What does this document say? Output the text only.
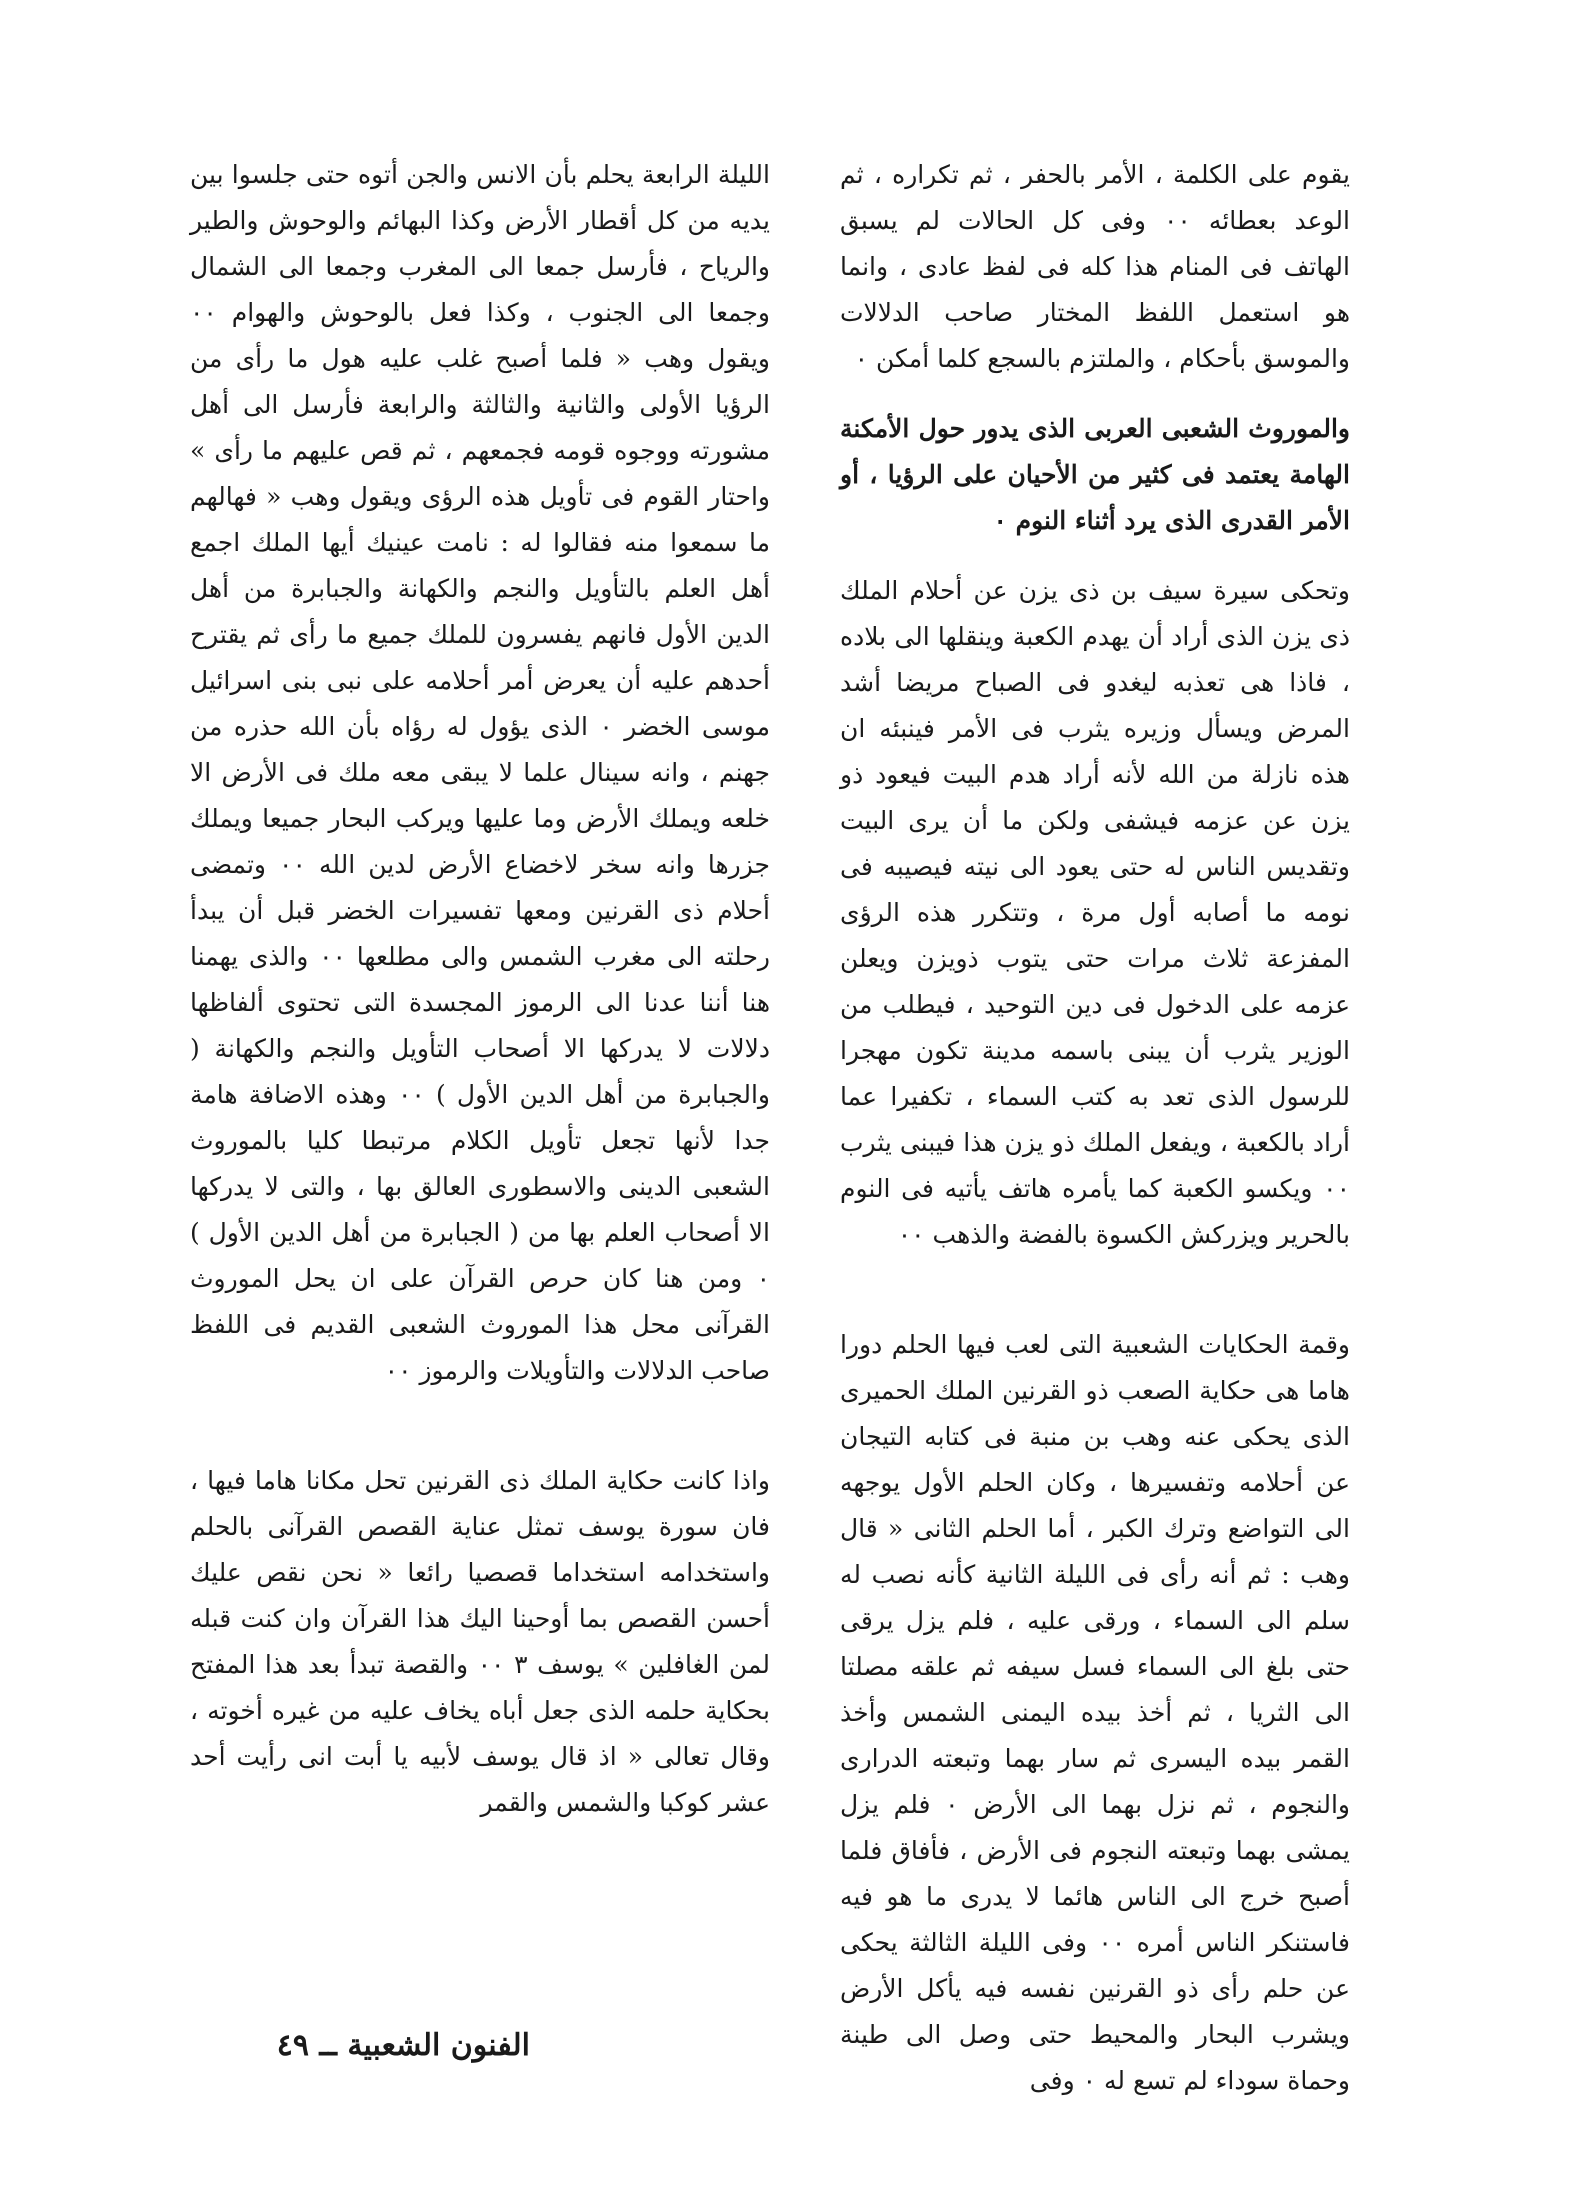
يقوم على الكلمة ، الأمر بالحفر ، ثم تكراره ، ثم الوعد بعطائه ٠٠ وفى كل الحالات لم يسبق الهاتف فى المنام هذا كله فى لفظ عادى ، وانما هو استعمل اللفظ المختار صاحب الدلالات والموسق بأحكام ، والملتزم بالسجع كلما أمكن ٠

والموروث الشعبى العربى الذى يدور حول الأمكنة الهامة يعتمد فى كثير من الأحيان على الرؤيا ، أو الأمر القدرى الذى يرد أثناء النوم ٠

وتحكى سيرة سيف بن ذى يزن عن أحلام الملك ذى يزن الذى أراد أن يهدم الكعبة وينقلها الى بلاده ، فاذا هى تعذبه ليغدو فى الصباح مريضا أشد المرض ويسأل وزيره يثرب فى الأمر فينبئه ان هذه نازلة من الله لأنه أراد هدم البيت فيعود ذو يزن عن عزمه فيشفى ولكن ما أن يرى البيت وتقديس الناس له حتى يعود الى نيته فيصيبه فى نومه ما أصابه أول مرة ، وتتكرر هذه الرؤى المفزعة ثلاث مرات حتى يتوب ذويزن ويعلن عزمه على الدخول فى دين التوحيد ، فيطلب من الوزير يثرب أن يبنى باسمه مدينة تكون مهجرا للرسول الذى تعد به كتب السماء ، تكفيرا عما أراد بالكعبة ، ويفعل الملك ذو يزن هذا فيبنى يثرب ٠٠ ويكسو الكعبة كما يأمره هاتف يأتيه فى النوم بالحرير ويزركش الكسوة بالفضة والذهب ٠٠

وقمة الحكايات الشعبية التى لعب فيها الحلم دورا هاما هى حكاية الصعب ذو القرنين الملك الحميرى الذى يحكى عنه وهب بن منبة فى كتابه التيجان عن أحلامه وتفسيرها ، وكان الحلم الأول يوجهه الى التواضع وترك الكبر ، أما الحلم الثانى « قال وهب : ثم أنه رأى فى الليلة الثانية كأنه نصب له سلم الى السماء ، ورقى عليه ، فلم يزل يرقى حتى بلغ الى السماء فسل سيفه ثم علقه مصلتا الى الثريا ، ثم أخذ بيده اليمنى الشمس وأخذ القمر بيده اليسرى ثم سار بهما وتبعته الدرارى والنجوم ، ثم نزل بهما الى الأرض ٠ فلم يزل يمشى بهما وتبعته النجوم فى الأرض ، فأفاق فلما أصبح خرج الى الناس هائما لا يدرى ما هو فيه فاستنكر الناس أمره ٠٠ وفى الليلة الثالثة يحكى عن حلم رأى ذو القرنين نفسه فيه يأكل الأرض ويشرب البحار والمحيط حتى وصل الى طينة وحماة سوداء لم تسع له ٠ وفى

الليلة الرابعة يحلم بأن الانس والجن أتوه حتى جلسوا بين يديه من كل أقطار الأرض وكذا البهائم والوحوش والطير والرياح ، فأرسل جمعا الى المغرب وجمعا الى الشمال وجمعا الى الجنوب ، وكذا فعل بالوحوش والهوام ٠٠ ويقول وهب « فلما أصبح غلب عليه هول ما رأى من الرؤيا الأولى والثانية والثالثة والرابعة فأرسل الى أهل مشورته ووجوه قومه فجمعهم ، ثم قص عليهم ما رأى » واحتار القوم فى تأويل هذه الرؤى ويقول وهب « فهالهم ما سمعوا منه فقالوا له : نامت عينيك أيها الملك اجمع أهل العلم بالتأويل والنجم والكهانة والجبابرة من أهل الدين الأول فانهم يفسرون للملك جميع ما رأى ثم يقترح أحدهم عليه أن يعرض أمر أحلامه على نبى بنى اسرائيل موسى الخضر ٠ الذى يؤول له رؤاه بأن الله حذره من جهنم ، وانه سينال علما لا يبقى معه ملك فى الأرض الا خلعه ويملك الأرض وما عليها ويركب البحار جميعا ويملك جزرها وانه سخر لاخضاع الأرض لدين الله ٠٠ وتمضى أحلام ذى القرنين ومعها تفسيرات الخضر قبل أن يبدأ رحلته الى مغرب الشمس والى مطلعها ٠٠ والذى يهمنا هنا أننا عدنا الى الرموز المجسدة التى تحتوى ألفاظها دلالات لا يدركها الا أصحاب التأويل والنجم والكهانة ( والجبابرة من أهل الدين الأول ) ٠٠ وهذه الاضافة هامة جدا لأنها تجعل تأويل الكلام مرتبطا كليا بالموروث الشعبى الدينى والاسطورى العالق بها ، والتى لا يدركها الا أصحاب العلم بها من ( الجبابرة من أهل الدين الأول ) ٠ ومن هنا كان حرص القرآن على ان يحل الموروث القرآنى محل هذا الموروث الشعبى القديم فى اللفظ صاحب الدلالات والتأويلات والرموز ٠٠

واذا كانت حكاية الملك ذى القرنين تحل مكانا هاما فيها ، فان سورة يوسف تمثل عناية القصص القرآنى بالحلم واستخدامه استخداما قصصيا رائعا « نحن نقص عليك أحسن القصص بما أوحينا اليك هذا القرآن وان كنت قبله لمن الغافلين » يوسف ٣ ٠٠ والقصة تبدأ بعد هذا المفتح بحكاية حلمه الذى جعل أباه يخاف عليه من غيره أخوته ، وقال تعالى « اذ قال يوسف لأبيه يا أبت انى رأيت أحد عشر كوكبا والشمس والقمر

الفنون الشعبية ــ ٤٩
